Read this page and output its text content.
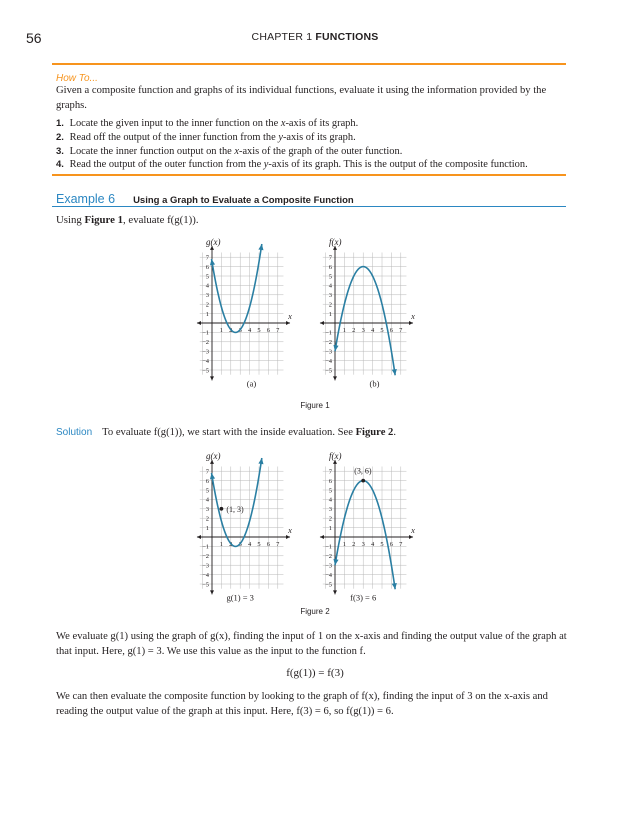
56	CHAPTER 1 FUNCTIONS
How To...
Given a composite function and graphs of its individual functions, evaluate it using the information provided by the graphs.
1. Locate the given input to the inner function on the x-axis of its graph.
2. Read off the output of the inner function from the y-axis of its graph.
3. Locate the inner function output on the x-axis of the graph of the outer function.
4. Read the output of the outer function from the y-axis of its graph. This is the output of the composite function.
Example 6 Using a Graph to Evaluate a Composite Function
Using Figure 1, evaluate f(g(1)).
1 2 3 4 5 6 7
1
2
3
4
5
6
7
−1
−2
−3
−4
−5
g(x)
x
(a)
1 2 3 4 5 6 7
1
2
3
4
5
6
7
−1
−2
−3
−4
−5
f(x)
x
(b)
Figure 1
Solution To evaluate f(g(1)), we start with the inside evaluation. See Figure 2.
1 2 3 4 5 6 7
1
2
3
4
5
6
7
−1
−2
−3
−4
−5
g(x)
x
(1, 3)
g(1) = 3
1 2 3 4 5 6 7
1
2
3
4
5
6
7
−1
−2
−3
−4
−5
f(x)
x
(3, 6)
f(3) = 6
Figure 2
We evaluate g(1) using the graph of g(x), finding the input of 1 on the x-axis and finding the output value of the graph at that input. Here, g(1) = 3. We use this value as the input to the function f.
f(g(1)) = f(3)
We can then evaluate the composite function by looking to the graph of f(x), finding the input of 3 on the x-axis and reading the output value of the graph at this input. Here, f(3) = 6, so f(g(1)) = 6.
